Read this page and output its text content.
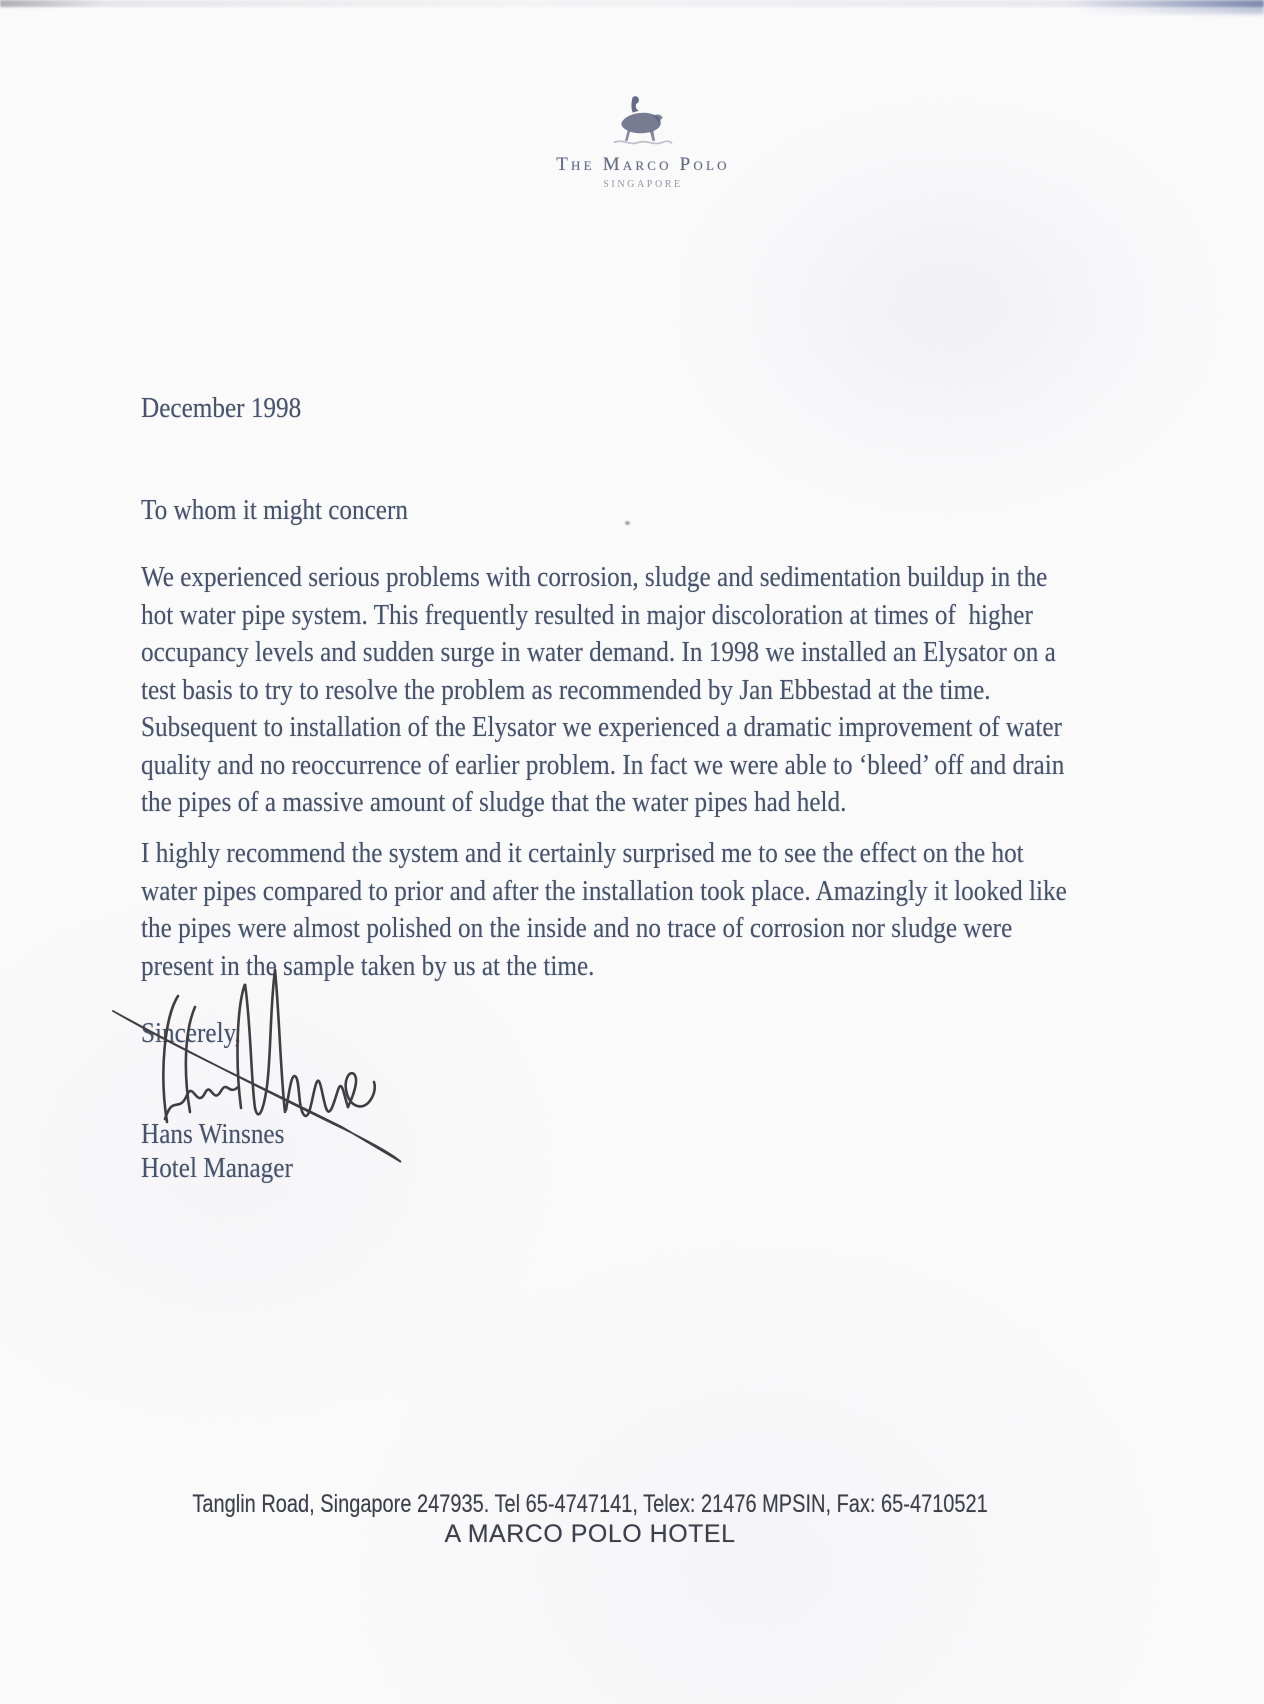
The Marco Polo
SINGAPORE
December 1998
To whom it might concern
We experienced serious problems with corrosion, sludge and sedimentation buildup in the
hot water pipe system. This frequently resulted in major discoloration at times of  higher
occupancy levels and sudden surge in water demand. In 1998 we installed an Elysator on a
test basis to try to resolve the problem as recommended by Jan Ebbestad at the time.
Subsequent to installation of the Elysator we experienced a dramatic improvement of water
quality and no reoccurrence of earlier problem. In fact we were able to ‘bleed’ off and drain
the pipes of a massive amount of sludge that the water pipes had held.
I highly recommend the system and it certainly surprised me to see the effect on the hot
water pipes compared to prior and after the installation took place. Amazingly it looked like
the pipes were almost polished on the inside and no trace of corrosion nor sludge were
present in the sample taken by us at the time.
Sincerely,
Hans Winsnes
Hotel Manager
Tanglin Road, Singapore 247935. Tel 65-4747141, Telex: 21476 MPSIN, Fax: 65-4710521
A MARCO POLO HOTEL
